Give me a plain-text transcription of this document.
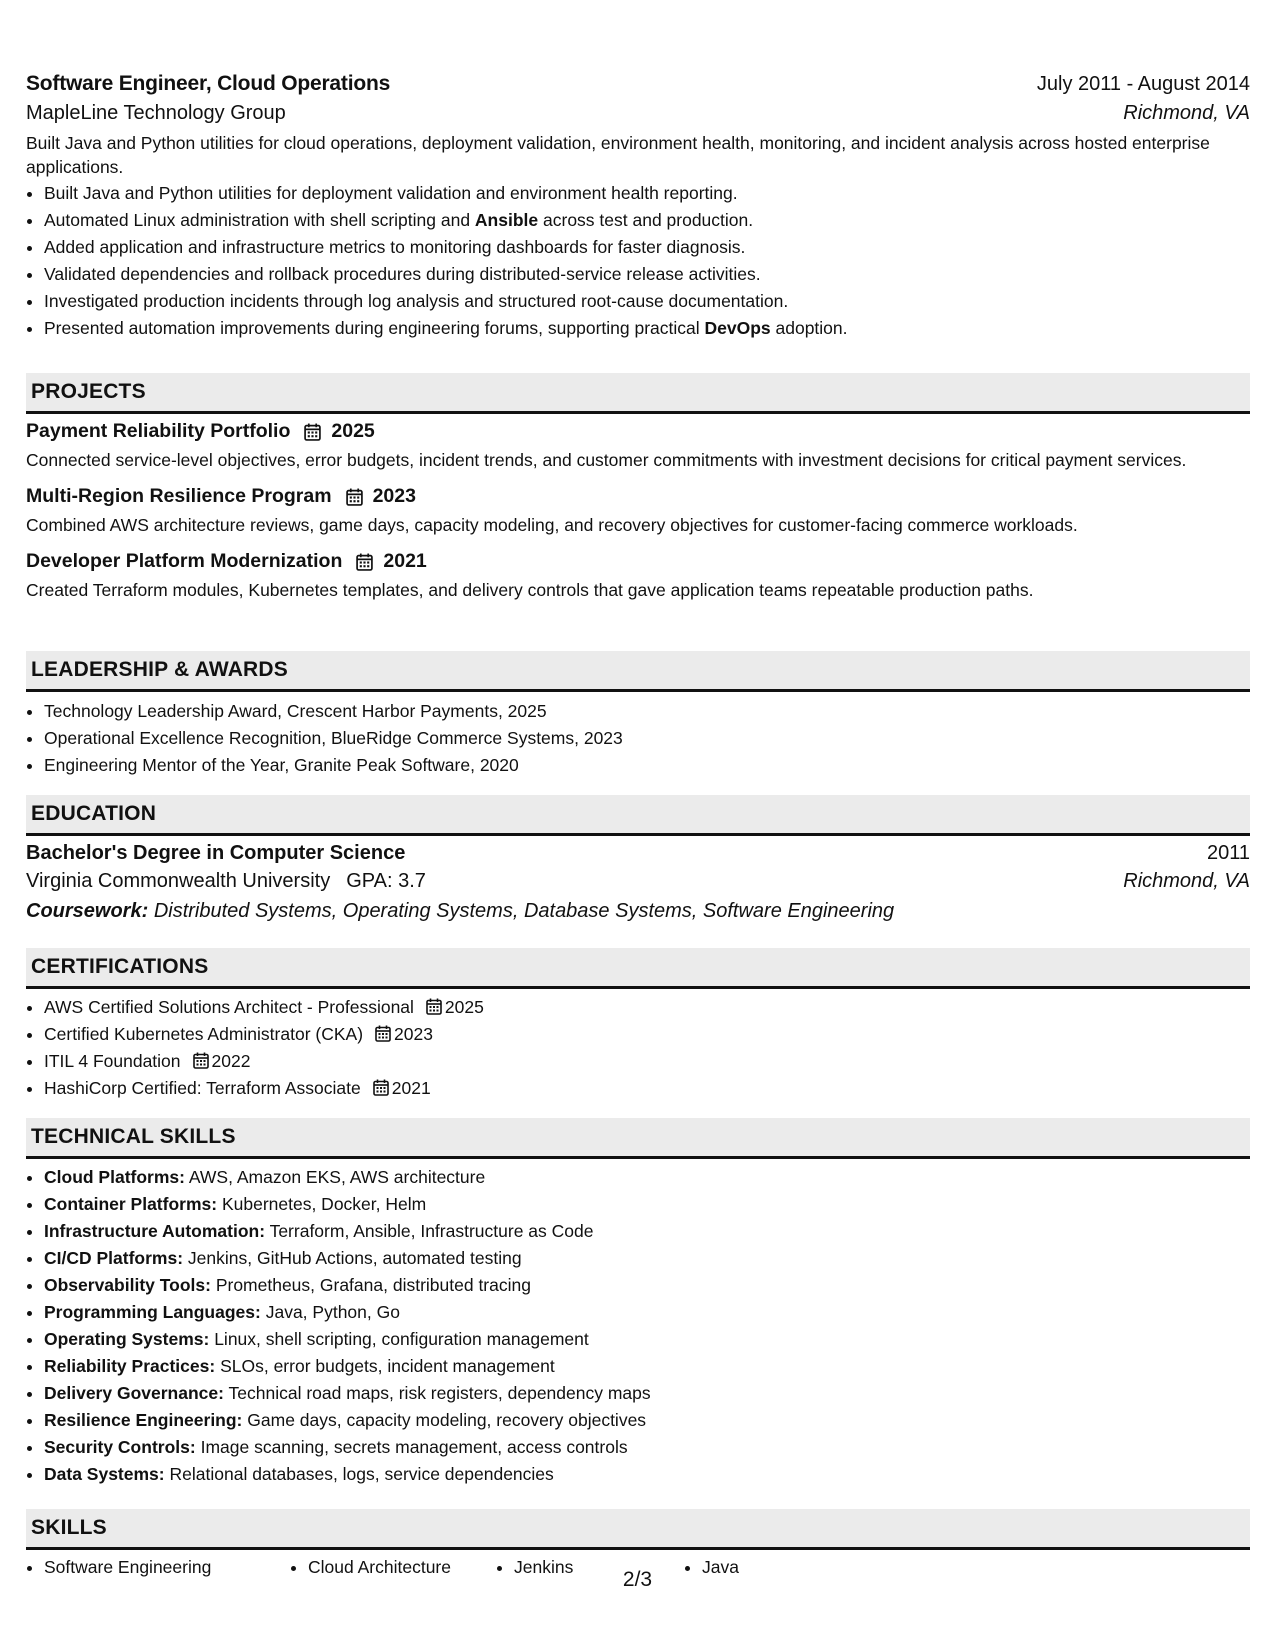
Software Engineer, Cloud Operations	July 2011 - August 2014
MapleLine Technology Group	Richmond, VA

Built Java and Python utilities for cloud operations, deployment validation, environment health, monitoring, and incident analysis across hosted enterprise applications.

• Built Java and Python utilities for deployment validation and environment health reporting.
• Automated Linux administration with shell scripting and Ansible across test and production.
• Added application and infrastructure metrics to monitoring dashboards for faster diagnosis.
• Validated dependencies and rollback procedures during distributed-service release activities.
• Investigated production incidents through log analysis and structured root-cause documentation.
• Presented automation improvements during engineering forums, supporting practical DevOps adoption.
PROJECTS
Payment Reliability Portfolio 2025

Connected service-level objectives, error budgets, incident trends, and customer commitments with investment decisions for critical payment services.

Multi-Region Resilience Program 2023

Combined AWS architecture reviews, game days, capacity modeling, and recovery objectives for customer-facing commerce workloads.

Developer Platform Modernization 2021

Created Terraform modules, Kubernetes templates, and delivery controls that gave application teams repeatable production paths.

LEADERSHIP & AWARDS
• Technology Leadership Award, Crescent Harbor Payments, 2025
• Operational Excellence Recognition, BlueRidge Commerce Systems, 2023
• Engineering Mentor of the Year, Granite Peak Software, 2020
EDUCATION
Bachelor's Degree in Computer Science	2011
Virginia Commonwealth University GPA: 3.7	Richmond, VA
Coursework: Distributed Systems, Operating Systems, Database Systems, Software Engineering
CERTIFICATIONS
• AWS Certified Solutions Architect - Professional 2025
• Certified Kubernetes Administrator (CKA) 2023
• ITIL 4 Foundation 2022
• HashiCorp Certified: Terraform Associate 2021
TECHNICAL SKILLS
• Cloud Platforms: AWS, Amazon EKS, AWS architecture
• Container Platforms: Kubernetes, Docker, Helm
• Infrastructure Automation: Terraform, Ansible, Infrastructure as Code
• CI/CD Platforms: Jenkins, GitHub Actions, automated testing
• Observability Tools: Prometheus, Grafana, distributed tracing
• Programming Languages: Java, Python, Go
• Operating Systems: Linux, shell scripting, configuration management
• Reliability Practices: SLOs, error budgets, incident management
• Delivery Governance: Technical road maps, risk registers, dependency maps
• Resilience Engineering: Game days, capacity modeling, recovery objectives
• Security Controls: Image scanning, secrets management, access controls
• Data Systems: Relational databases, logs, service dependencies
SKILLS
• Software Engineering	• Cloud Architecture	• Jenkins	• Java
2/3
